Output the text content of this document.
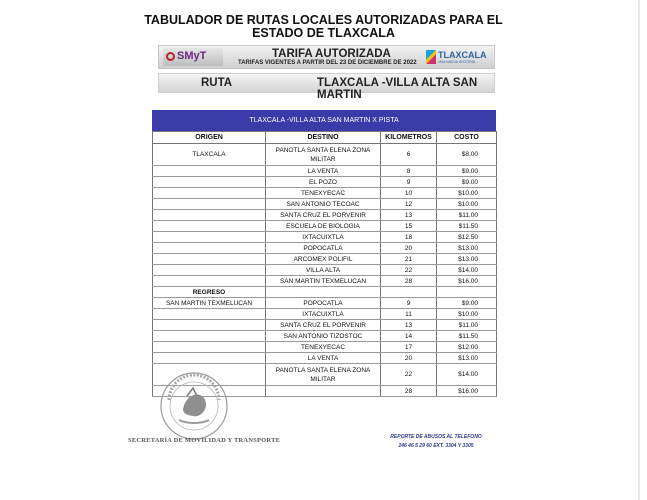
TABULADOR DE RUTAS LOCALES AUTORIZADAS PARA EL
ESTADO DE TLAXCALA
SMyT	TARIFA AUTORIZADA
TARIFAS VIGENTES A PARTIR DEL 23 DE DICIEMBRE DE 2022
TLAXCALA
UNA NUEVA HISTORIA
RUTA	TLAXCALA -VILLA ALTA SAN MARTIN
TLAXCALA -VILLA ALTA SAN MARTIN X PISTA
ORIGEN	DESTINO	KILOMETROS	COSTO
TLAXCALA	PANOTLA SANTA ELENA ZONA MILITAR	6	$8.00
	LA VENTA	8	$9.00
	EL POZO	9	$9.00
	TENEXYECAC	10	$10.00
	SAN ANTONIO TECOAC	12	$10.00
	SANTA CRUZ EL PORVENIR	13	$11.00
	ESCUELA DE BIOLOGIA	15	$11.50
	IXTACUIXTLA	18	$12.50
	POPOCATLA	20	$13.00
	ARCOMEX POLIFIL	21	$13.00
	VILLA ALTA	22	$14.00
	SAN MARTIN TEXMELUCAN	28	$16.00
REGRESO			
SAN MARTIN TEXMELUCAN	POPOCATLA	9	$9.00
	IXTACUIXTLA	11	$10.00
	SANTA CRUZ EL PORVENIR	13	$11.00
	SAN ANTONIO TIZOSTOC	14	$11.50
	TENEXYECAC	17	$12.00
	LA VENTA	20	$13.00
	PANOTLA SANTA ELENA ZONA MILITAR	22	$14.00
		28	$16.00
SECRETARÍA DE MOVILIDAD Y TRANSPORTE	REPORTE DE ABUSOS AL TELEFONO
246 46 5 29 60 EXT. 3304 Y 3305
